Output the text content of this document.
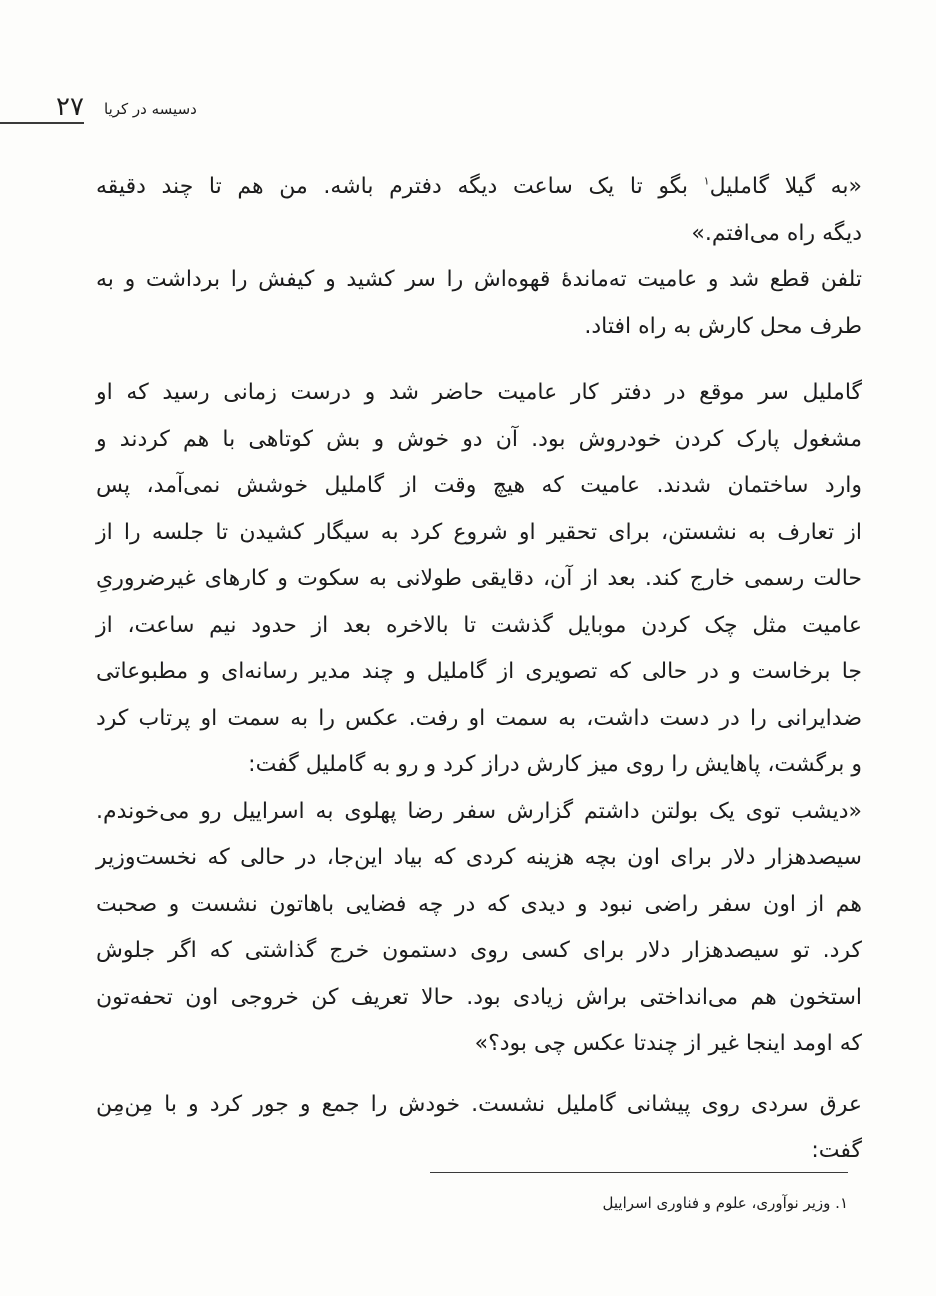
۲۷	دسیسه در کریا
«به گیلا گاملیل$^۱$ بگو تا یک ساعت دیگه دفترم باشه. من هم تا چند دقیقه
دیگه راه می‌افتم.»
تلفن قطع شد و عامیت ته‌ماندهٔ قهوه‌اش را سر کشید و کیفش را برداشت و به
طرف محل کارش به راه افتاد.
گاملیل سر موقع در دفتر کار عامیت حاضر شد و درست زمانی رسید که او
مشغول پارک کردن خودروش بود. آن دو خوش و بش کوتاهی با هم کردند و
وارد ساختمان شدند. عامیت که هیچ وقت از گاملیل خوشش نمی‌آمد، پس
از تعارف به نشستن، برای تحقیر او شروع کرد به سیگار کشیدن تا جلسه را از
حالت رسمی خارج کند. بعد از آن، دقایقی طولانی به سکوت و کارهای غیرضروریِ
عامیت مثل چک کردن موبایل گذشت تا بالاخره بعد از حدود نیم ساعت، از
جا برخاست و در حالی که تصویری از گاملیل و چند مدیر رسانه‌ای و مطبوعاتی
ضدایرانی را در دست داشت، به سمت او رفت. عکس را به سمت او پرتاب کرد
و برگشت، پاهایش را روی میز کارش دراز کرد و رو به گاملیل گفت:
«دیشب توی یک بولتن داشتم گزارش سفر رضا پهلوی به اسراییل رو می‌خوندم.
سیصدهزار دلار برای اون بچه هزینه کردی که بیاد این‌جا، در حالی که نخست‌وزیر
هم از اون سفر راضی نبود و دیدی که در چه فضایی با‌هاتون نشست و صحبت
کرد. تو سیصدهزار دلار برای کسی روی دستمون خرج گذاشتی که اگر جلوش
استخون هم می‌انداختی براش زیادی بود. حالا تعریف کن خروجی اون تحفه‌تون
که اومد اینجا غیر از چندتا عکس چی بود؟»
عرق سردی روی پیشانی گاملیل نشست. خودش را جمع و جور کرد و با مِن‌مِن
گفت:
۱. وزیر نوآوری، علوم و فناوری اسراییل
